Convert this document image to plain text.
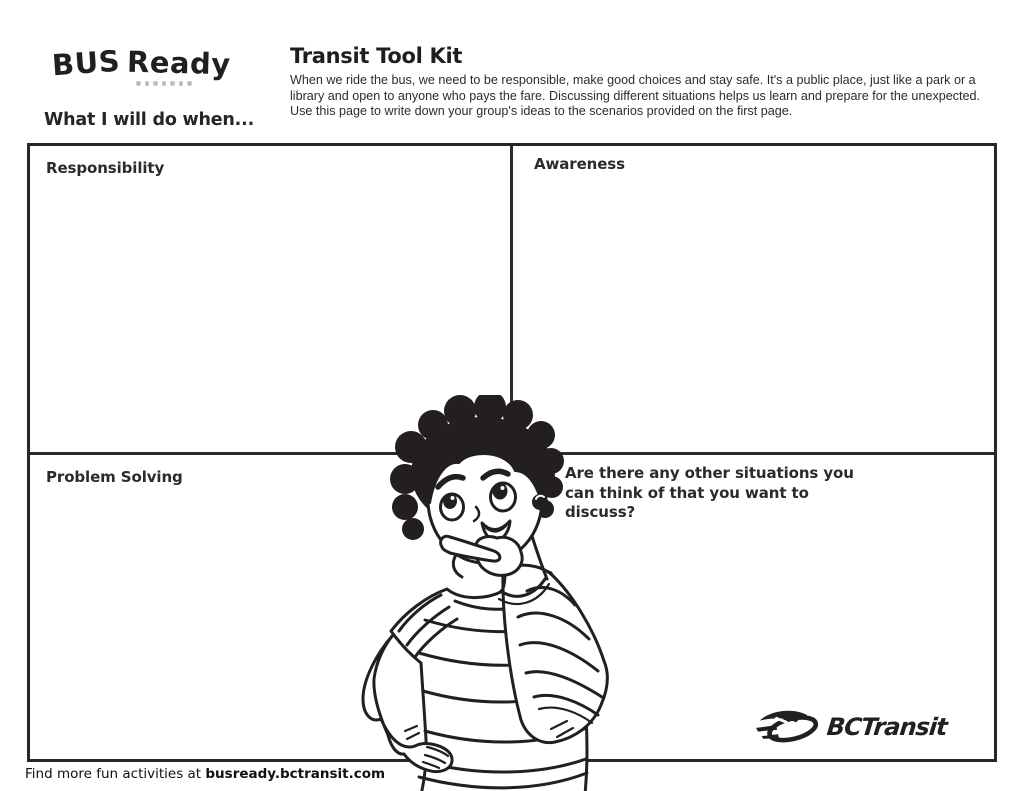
BUS Ready
What I will do when...
Transit Tool Kit

When we ride the bus, we need to be responsible, make good choices and stay safe. It's a public place, just like a park or a library and open to anyone who pays the fare. Discussing different situations helps us learn and prepare for the unexpected. Use this page to write down your group's ideas to the scenarios provided on the first page.

Responsibility	Awareness
Problem Solving	Are there any other situations you can think of that you want to discuss?
BCTransit
Find more fun activities at busready.bctransit.com
